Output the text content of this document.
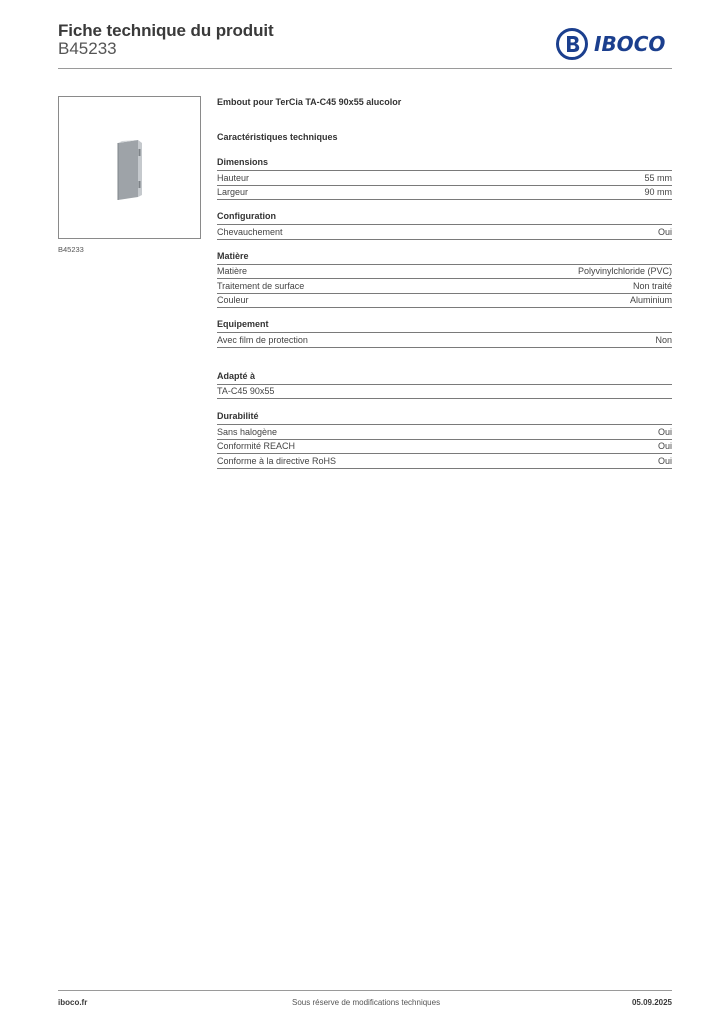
Fiche technique du produit
B45233	IBOCO
B45233
Embout pour TerCia TA-C45 90x55 alucolor
Caractéristiques techniques
Dimensions
Hauteur	55 mm
Largeur	90 mm
Configuration
Chevauchement	Oui
Matière
Matière	Polyvinylchloride (PVC)
Traitement de surface	Non traité
Couleur	Aluminium
Equipement
Avec film de protection	Non
Adapté à
TA-C45 90x55
Durabilité
Sans halogène	Oui
Conformité REACH	Oui
Conforme à la directive RoHS	Oui
iboco.fr	Sous réserve de modifications techniques	05.09.2025
